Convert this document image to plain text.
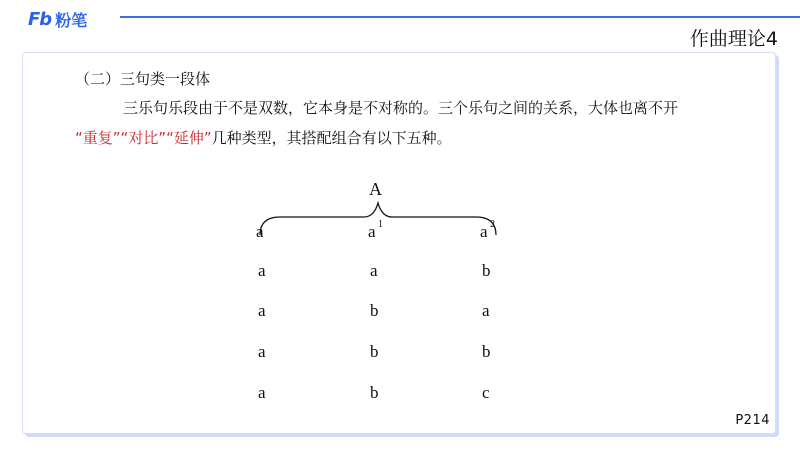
Fb 粉笔
作曲理论4
（二）三句类一段体
三乐句乐段由于不是双数，它本身是不对称的。三个乐句之间的关系，大体也离不开
“重复”“对比”“延伸”几种类型，其搭配组合有以下五种。
A
a	a 1	a 2
a	a	b
a	b	a
a	b	b
a	b	c
P214
